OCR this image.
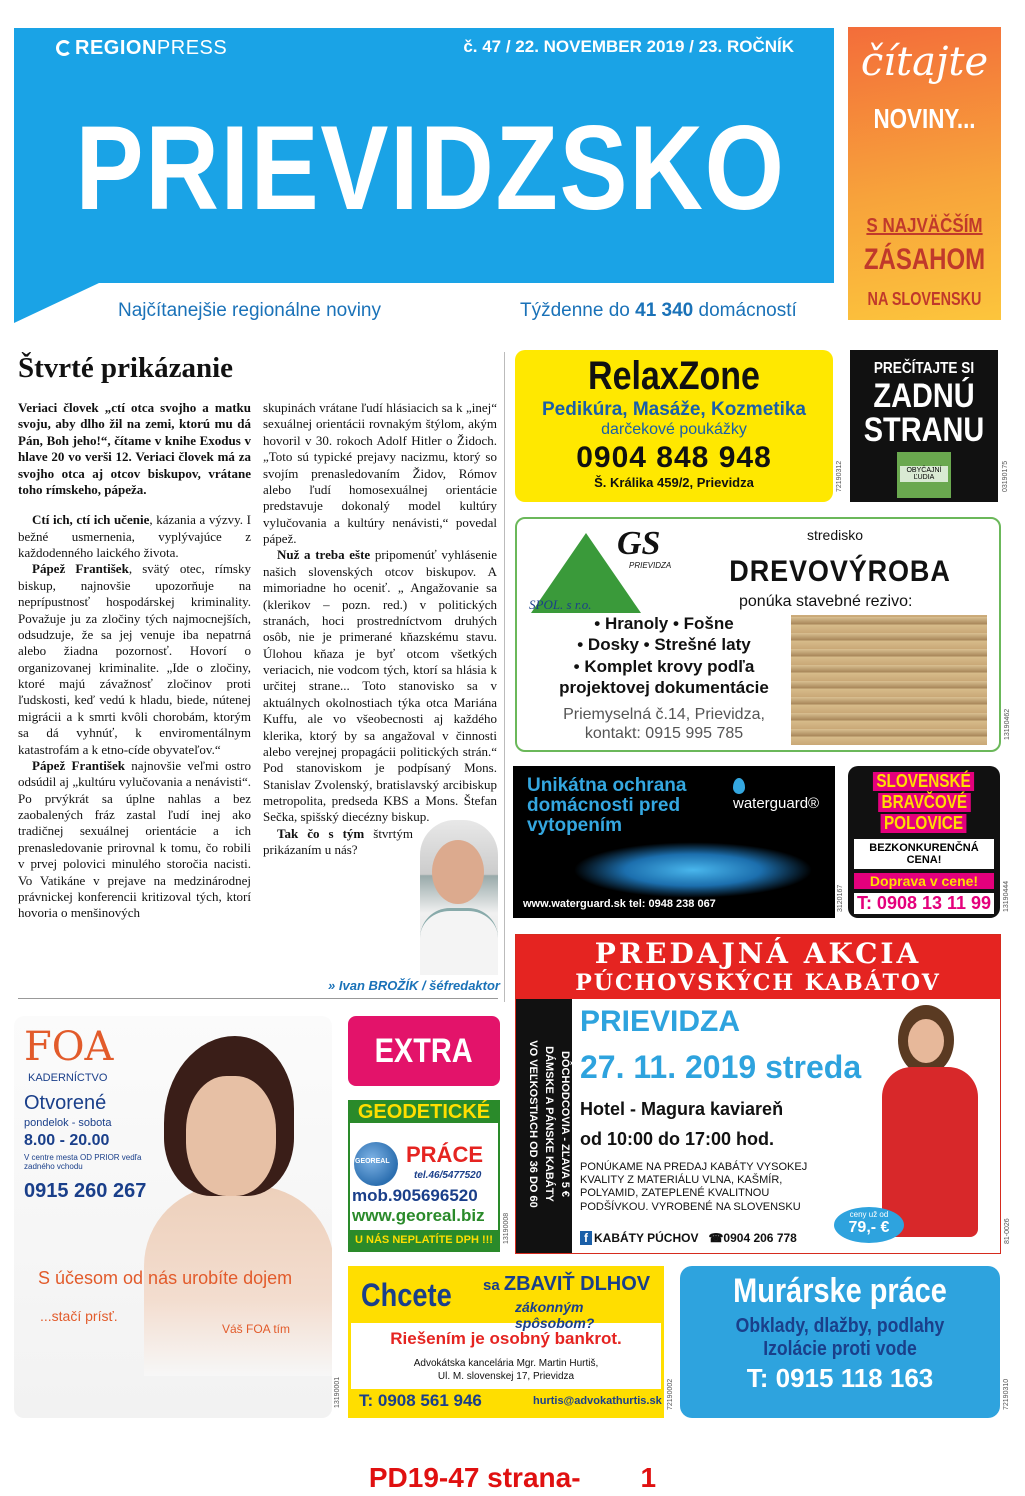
REGIONPRESS	č. 47 / 22. NOVEMBER 2019 / 23. ROČNÍK
PRIEVIDZSKO
Najčítanejšie regionálne noviny	Týždenne do 41 340 domácností
čítajte
NOVINY...
S NAJVÄČŠÍM
ZÁSAHOM
NA SLOVENSKU
Štvrté prikázanie

Veriaci človek „ctí otca svojho a matku svoju, aby dlho žil na zemi, ktorú mu dá Pán, Boh jeho!“, čítame v knihe Exodus v hlave 20 vo verši 12. Veriaci človek má za svojho otca aj otcov biskupov, vrátane toho rímskeho, pápeža.

Ctí ich, ctí ich učenie, kázania a výzvy. I bežné usmernenia, vyplývajúce z každodenného laického života.

Pápež František, svätý otec, rímsky biskup, najnovšie upozorňuje na neprípustnosť hospodárskej kriminality. Považuje ju za zločiny tých najmocnejších, odsudzuje, že sa jej venuje iba nepatrná alebo žiadna pozornosť. Hovorí o organizovanej kriminalite. „Ide o zločiny, ktoré majú závažnosť zločinov proti ľudskosti, keď vedú k hladu, biede, nútenej migrácii a k smrti kvôli chorobám, ktorým sa dá vyhnúť, k enviromentálnym katastrofám a k etno-cíde obyvateľov.“

Pápež František najnovšie veľmi ostro odsúdil aj „kultúru vylučovania a nenávisti“. Po prvýkrát sa úplne nahlas a bez zaobalených fráz zastal ľudí inej ako tradičnej sexuálnej orientácie a ich prenasledovanie prirovnal k tomu, čo robili v prvej polovici minulého storočia nacisti. Vo Vatikáne v prejave na medzinárodnej právnickej konferencii kritizoval tých, ktorí hovoria o menšinových

skupinách vrátane ľudí hlásiacich sa k „inej“ sexuálnej orientácii rovnakým štýlom, akým hovoril v 30. rokoch Adolf Hitler o Židoch. „Toto sú typické prejavy nacizmu, ktorý so svojím prenasledovaním Židov, Rómov alebo ľudí homosexuálnej orientácie predstavuje dokonalý model kultúry vylučovania a kultúry nenávisti,“ povedal pápež.

Nuž a treba ešte pripomenúť vyhlásenie našich slovenských otcov biskupov. A mimoriadne ho oceniť. „ Angažovanie sa (klerikov – pozn. red.) v politických stranách, hoci prostredníctvom druhých osôb, nie je primerané kňazskému stavu. Úlohou kňaza je byť otcom všetkých veriacich, nie vodcom tých, ktorí sa hlásia k určitej strane... Toto stanovisko sa v aktuálnych okolnostiach týka otca Mariána Kuffu, ale vo všeobecnosti aj každého klerika, ktorý by sa angažoval v činnosti alebo verejnej propagácii politických strán.“ Pod stanoviskom je podpísaný Mons. Stanislav Zvolenský, bratislavský arcibiskup metropolita, predseda KBS a Mons. Štefan Sečka, spišský diecézny biskup.

Tak čo s tým štvrtým prikázaním u nás?

» Ivan BROŽÍK / šéfredaktor
RelaxZone
Pedikúra, Masáže, Kozmetika
darčekové poukážky
0904 848 948
Š. Králika 459/2, Prievidza	72190312
PREČÍTAJTE SI
ZADNÚ
STRANU
OBYČAJNÍ ĽUDIA	03190175
GS
PRIEVIDZA
SPOL. s r.o.
stredisko
DREVOVÝROBA
ponúka stavebné rezivo:
• Hranoly • Fošne
• Dosky • Strešné laty
• Komplet krovy podľa
projektovej dokumentácie
Priemyselná č.14, Prievidza,
kontakt: 0915 995 785	13190462
Unikátna ochrana
domácnosti pred
vytopením
waterguard®
www.waterguard.sk tel: 0948 238 067	3120167
SLOVENSKÉ
BRAVČOVÉ
POLOVICE
BEZKONKURENČNÁ CENA!
Doprava v cene!
T: 0908 13 11 99	13190444
PREDAJNÁ AKCIA
PÚCHOVSKÝCH KABÁTOV
DÔCHODCOVIA - ZĽAVA 5 €
DÁMSKE A PÁNSKE KABÁTY
VO VEĽKOSTIACH OD 36 DO 60
PRIEVIDZA
27. 11. 2019 streda
Hotel - Magura kaviareň
od 10:00 do 17:00 hod.
PONÚKAME NA PREDAJ KABÁTY VYSOKEJ KVALITY Z MATERIÁLU VLNA, KAŠMÍR, POLYAMID, ZATEPLENÉ KVALITNOU PODŠÍVKOU. VYROBENÉ NA SLOVENSKU
f KABÁTY PÚCHOV ☎0904 206 778
ceny už od
79,- €	81-0026
FOA
KADERNÍCTVO
Otvorené
pondelok - sobota
8.00 - 20.00
V centre mesta OD PRIOR vedľa zadného vchodu
0915 260 267
S účesom od nás urobíte dojem
...stačí prísť.
Váš FOA tím
13190001
EXTRA
GEODETICKÉ
GEOREAL PRÁCE
tel.46/5477520
mob.905696520
www.georeal.biz
U NÁS NEPLATÍTE DPH !!!	13190008
Chcete sa ZBAVIŤ DLHOV
zákonným spôsobom?
Riešením je osobný bankrot.
Advokátska kancelária Mgr. Martin Hurtiš,
Ul. M. slovenskej 17, Prievidza
T: 0908 561 946	hurtis@advokathurtis.sk 72190002
Murárske práce
Obklady, dlažby, podlahy
Izolácie proti vode
T: 0915 118 163
72190310
PD19-47 strana- 1
